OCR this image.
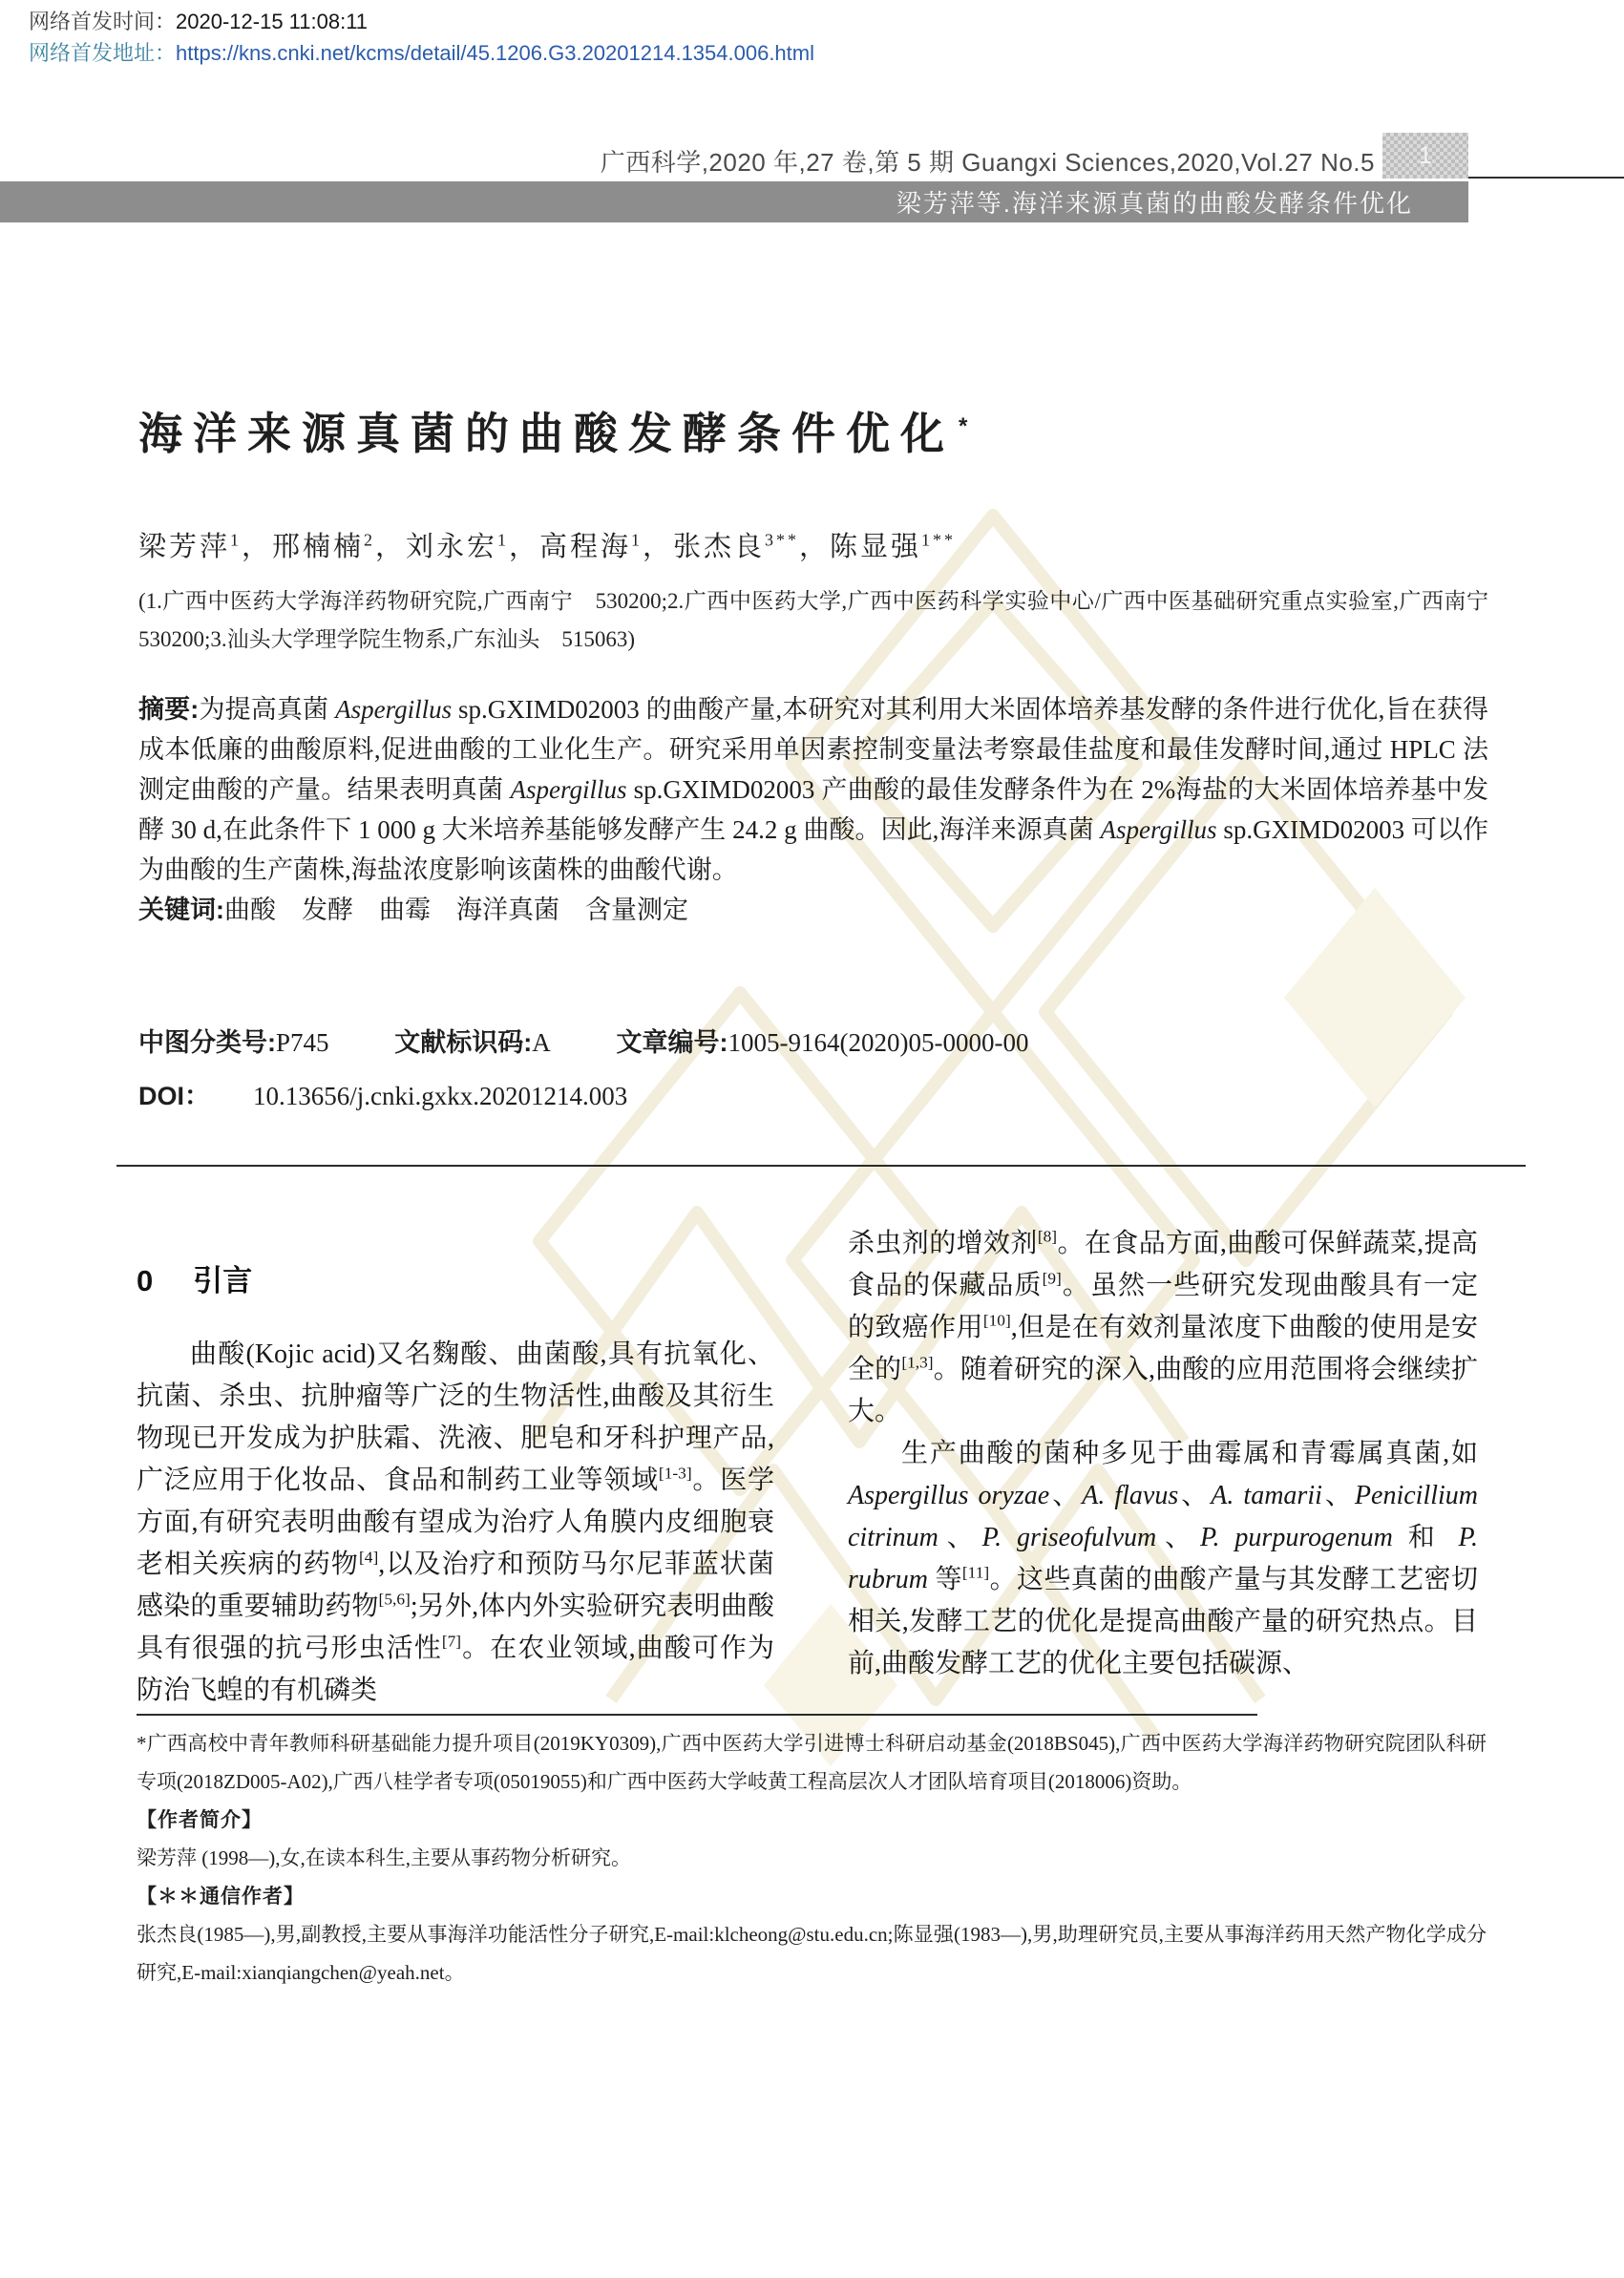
网络首发时间：2020-12-15 11:08:11
网络首发地址：https://kns.cnki.net/kcms/detail/45.1206.G3.20201214.1354.006.html
广西科学,2020 年,27 卷,第 5 期 Guangxi Sciences,2020,Vol.27 No.5 1
梁芳萍等.海洋来源真菌的曲酸发酵条件优化
海洋来源真菌的曲酸发酵条件优化 *
梁芳萍$^1$，邢楠楠$^2$，刘永宏$^1$，高程海$^1$，张杰良$^{3**}$，陈显强$^{1**}$
(1.广西中医药大学海洋药物研究院,广西南宁　530200;2.广西中医药大学,广西中医药科学实验中心/广西中医基础研究重点实验室,广西南宁　530200;3.汕头大学理学院生物系,广东汕头　515063)

摘要:为提高真菌 Aspergillus sp.GXIMD02003 的曲酸产量,本研究对其利用大米固体培养基发酵的条件进行优化,旨在获得成本低廉的曲酸原料,促进曲酸的工业化生产。研究采用单因素控制变量法考察最佳盐度和最佳发酵时间,通过 HPLC 法测定曲酸的产量。结果表明真菌 Aspergillus sp.GXIMD02003 产曲酸的最佳发酵条件为在 2%海盐的大米固体培养基中发酵 30 d,在此条件下 1 000 g 大米培养基能够发酵产生 24.2 g 曲酸。因此,海洋来源真菌 Aspergillus sp.GXIMD02003 可以作为曲酸的生产菌株,海盐浓度影响该菌株的曲酸代谢。

关键词:曲酸　发酵　曲霉　海洋真菌　含量测定

中图分类号:P745	文献标识码:A	文章编号:1005-9164(2020)05-0000-00
DOI： 10.13656/j.cnki.gxkx.20201214.003
0 引言

曲酸(Kojic acid)又名麴酸、曲菌酸,具有抗氧化、抗菌、杀虫、抗肿瘤等广泛的生物活性,曲酸及其衍生物现已开发成为护肤霜、洗液、肥皂和牙科护理产品,广泛应用于化妆品、食品和制药工业等领域[1-3]。医学方面,有研究表明曲酸有望成为治疗人角膜内皮细胞衰老相关疾病的药物[4],以及治疗和预防马尔尼菲蓝状菌感染的重要辅助药物[5,6];另外,体内外实验研究表明曲酸具有很强的抗弓形虫活性[7]。在农业领域,曲酸可作为防治飞蝗的有机磷类

杀虫剂的增效剂[8]。在食品方面,曲酸可保鲜蔬菜,提高食品的保藏品质[9]。虽然一些研究发现曲酸具有一定的致癌作用[10],但是在有效剂量浓度下曲酸的使用是安全的[1,3]。随着研究的深入,曲酸的应用范围将会继续扩大。

生产曲酸的菌种多见于曲霉属和青霉属真菌,如 Aspergillus oryzae、A. flavus、A. tamarii、Penicillium citrinum、P. griseofulvum、P. purpurogenum 和 P. rubrum 等[11]。这些真菌的曲酸产量与其发酵工艺密切相关,发酵工艺的优化是提高曲酸产量的研究热点。目前,曲酸发酵工艺的优化主要包括碳源、

*广西高校中青年教师科研基础能力提升项目(2019KY0309),广西中医药大学引进博士科研启动基金(2018BS045),广西中医药大学海洋药物研究院团队科研专项(2018ZD005-A02),广西八桂学者专项(05019055)和广西中医药大学岐黄工程高层次人才团队培育项目(2018006)资助。

【作者简介】

梁芳萍 (1998—),女,在读本科生,主要从事药物分析研究。

【＊＊通信作者】

张杰良(1985—),男,副教授,主要从事海洋功能活性分子研究,E-mail:klcheong@stu.edu.cn;陈显强(1983—),男,助理研究员,主要从事海洋药用天然产物化学成分研究,E-mail:xianqiangchen@yeah.net。
